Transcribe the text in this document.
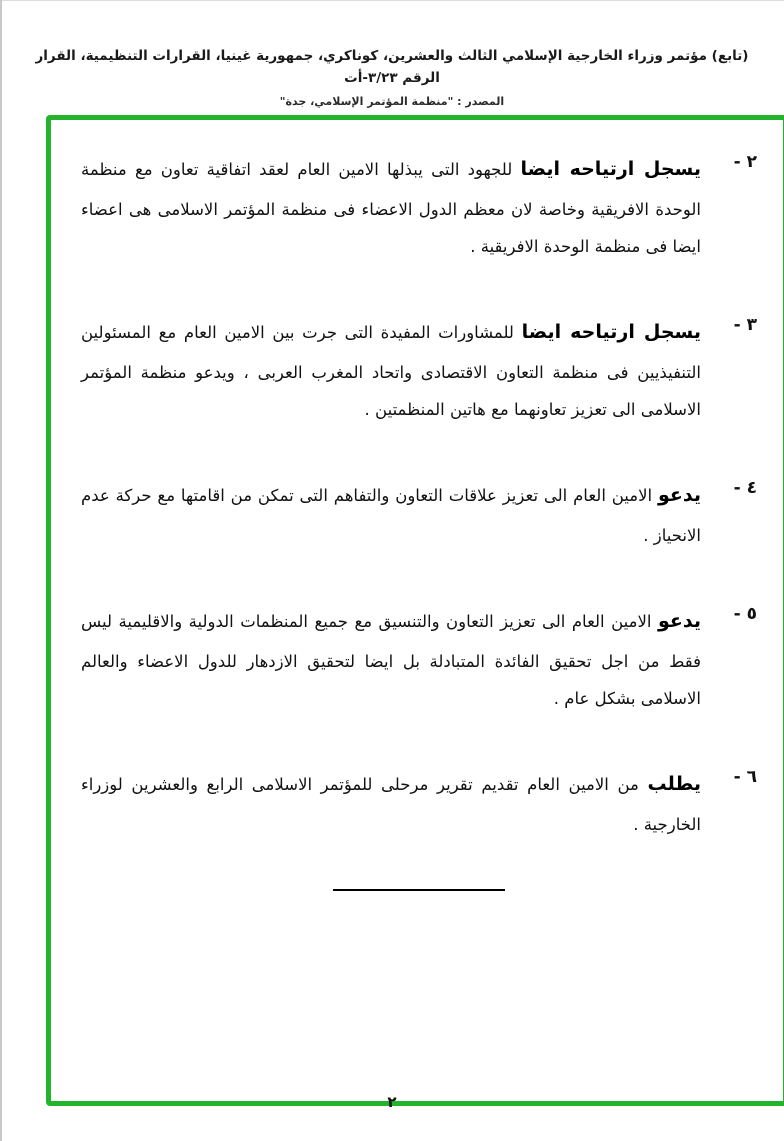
(تابع) مؤتمر وزراء الخارجية الإسلامي الثالث والعشرين، كوناكري، جمهورية غينيا، القرارات التنظيمية، القرار الرقم ٣/٢٣-أت
المصدر : "منظمة المؤتمر الإسلامي، جدة"
٢ -
يسجل ارتياحه ايضا للجهود التى يبذلها الامين العام لعقد اتفاقية تعاون مع منظمة الوحدة الافريقية وخاصة لان معظم الدول الاعضاء فى منظمة المؤتمر الاسلامى هى اعضاء ايضا فى منظمة الوحدة الافريقية .
٣ -
يسجل ارتياحه ايضا للمشاورات المفيدة التى جرت بين الامين العام مع المسئولين التنفيذيين فى منظمة التعاون الاقتصادى واتحاد المغرب العربى ، ويدعو منظمة المؤتمر الاسلامى الى تعزيز تعاونهما مع هاتين المنظمتين .
٤ -
يدعو الامين العام الى تعزيز علاقات التعاون والتفاهم التى تمكن من اقامتها مع حركة عدم الانحياز .
٥ -
يدعو الامين العام الى تعزيز التعاون والتنسيق مع جميع المنظمات الدولية والاقليمية ليس فقط من اجل تحقيق الفائدة المتبادلة بل ايضا لتحقيق الازدهار للدول الاعضاء والعالم الاسلامى بشكل عام .
٦ -
يطلب من الامين العام تقديم تقرير مرحلى للمؤتمر الاسلامى الرابع والعشرين لوزراء الخارجية .
٢
